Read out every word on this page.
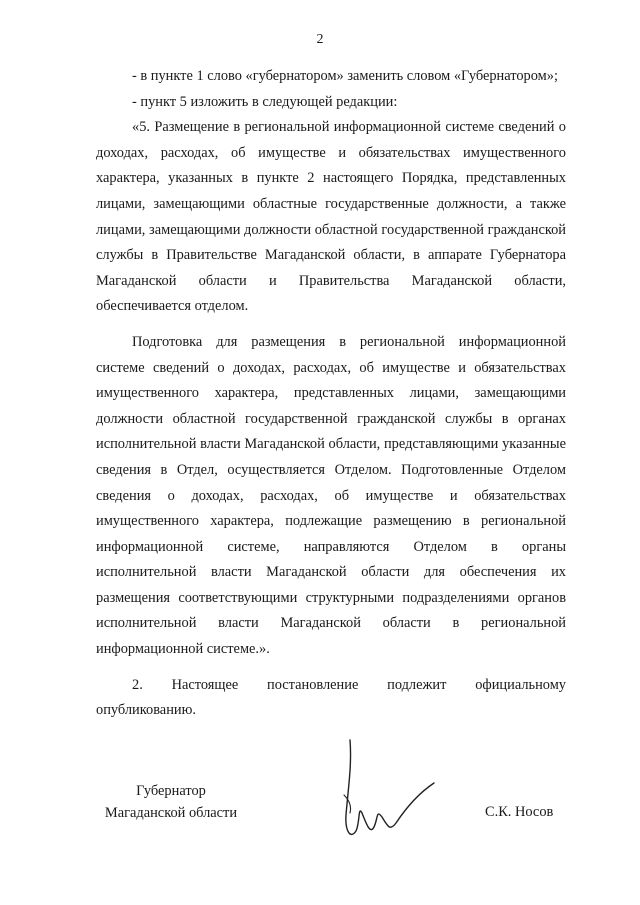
2

- в пункте 1 слово «губернатором» заменить словом «Губернатором»;

- пункт 5 изложить в следующей редакции:

«5. Размещение в региональной информационной системе сведений о доходах, расходах, об имуществе и обязательствах имущественного характера, указанных в пункте 2 настоящего Порядка, представленных лицами, замещающими областные государственные должности, а также лицами, замещающими должности областной государственной гражданской службы в Правительстве Магаданской области, в аппарате Губернатора Магаданской области и Правительства Магаданской области, обеспечивается отделом.

Подготовка для размещения в региональной информационной системе сведений о доходах, расходах, об имуществе и обязательствах имущественного характера, представленных лицами, замещающими должности областной государственной гражданской службы в органах исполнительной власти Магаданской области, представляющими указанные сведения в Отдел, осуществляется Отделом. Подготовленные Отделом сведения о доходах, расходах, об имуществе и обязательствах имущественного характера, подлежащие размещению в региональной информационной системе, направляются Отделом в органы исполнительной власти Магаданской области для обеспечения их размещения соответствующими структурными подразделениями органов исполнительной власти Магаданской области в региональной информационной системе.».

2. Настоящее постановление подлежит официальному опубликованию.

Губернатор
Магаданской области	С.К. Носов
